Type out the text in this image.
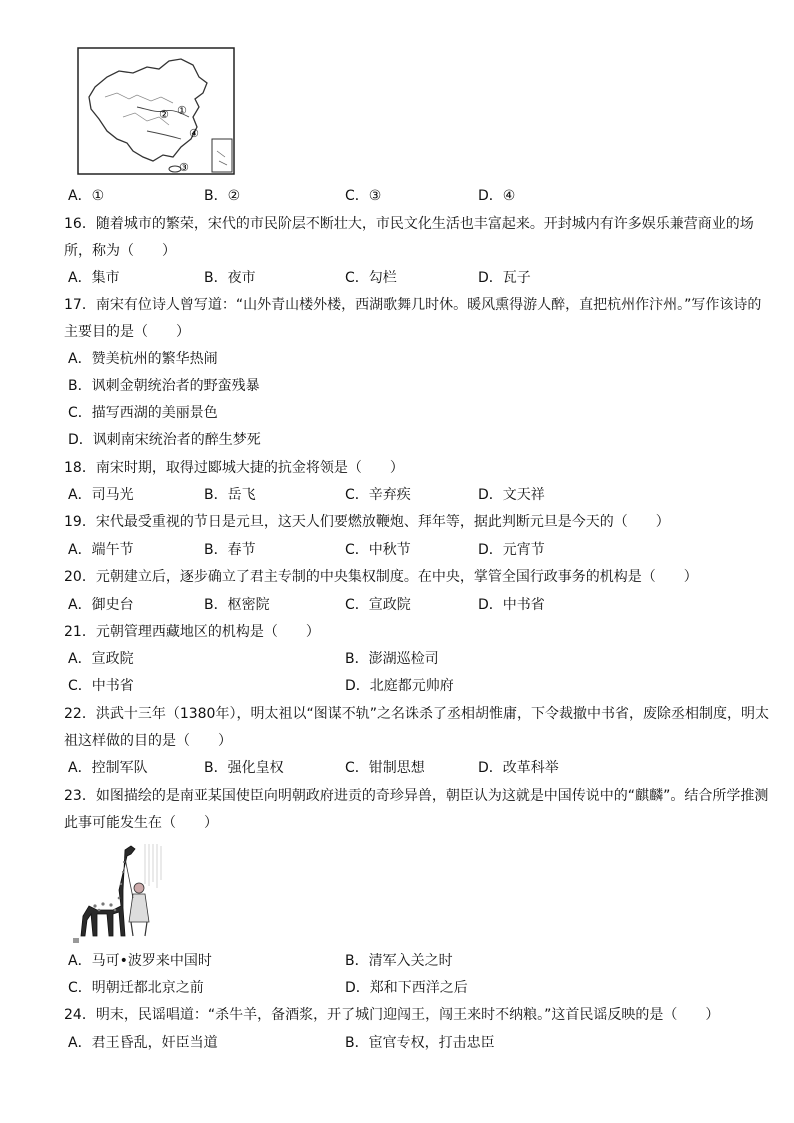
①
②
③
④
A．①	B．②	C．③	D．④
16．随着城市的繁荣，宋代的市民阶层不断壮大，市民文化生活也丰富起来。开封城内有许多娱乐兼营商业的场
所，称为（　　）
A．集市	B．夜市	C．勾栏	D．瓦子
17．南宋有位诗人曾写道：“山外青山楼外楼，西湖歌舞几时休。暖风熏得游人醉，直把杭州作汴州。”写作该诗的
主要目的是（　　）
A．赞美杭州的繁华热闹
B．讽刺金朝统治者的野蛮残暴
C．描写西湖的美丽景色
D．讽刺南宋统治者的醉生梦死
18．南宋时期，取得过郾城大捷的抗金将领是（　　）
A．司马光	B．岳飞	C．辛弃疾	D．文天祥
19．宋代最受重视的节日是元旦，这天人们要燃放鞭炮、拜年等，据此判断元旦是今天的（　　）
A．端午节	B．春节	C．中秋节	D．元宵节
20．元朝建立后，逐步确立了君主专制的中央集权制度。在中央，掌管全国行政事务的机构是（　　）
A．御史台	B．枢密院	C．宣政院	D．中书省
21．元朝管理西藏地区的机构是（　　）
A．宣政院	B．澎湖巡检司
C．中书省	D．北庭都元帅府
22．洪武十三年（1380年），明太祖以“图谋不轨”之名诛杀了丞相胡惟庸，下令裁撤中书省，废除丞相制度，明太
祖这样做的目的是（　　）
A．控制军队	B．强化皇权	C．钳制思想	D．改革科举
23．如图描绘的是南亚某国使臣向明朝政府进贡的奇珍异兽，朝臣认为这就是中国传说中的“麒麟”。结合所学推测
此事可能发生在（　　）
A．马可•波罗来中国时	B．清军入关之时
C．明朝迁都北京之前	D．郑和下西洋之后
24．明末，民谣唱道：“杀牛羊，备酒浆，开了城门迎闯王，闯王来时不纳粮。”这首民谣反映的是（　　）
A．君王昏乱，奸臣当道	B．宦官专权，打击忠臣
